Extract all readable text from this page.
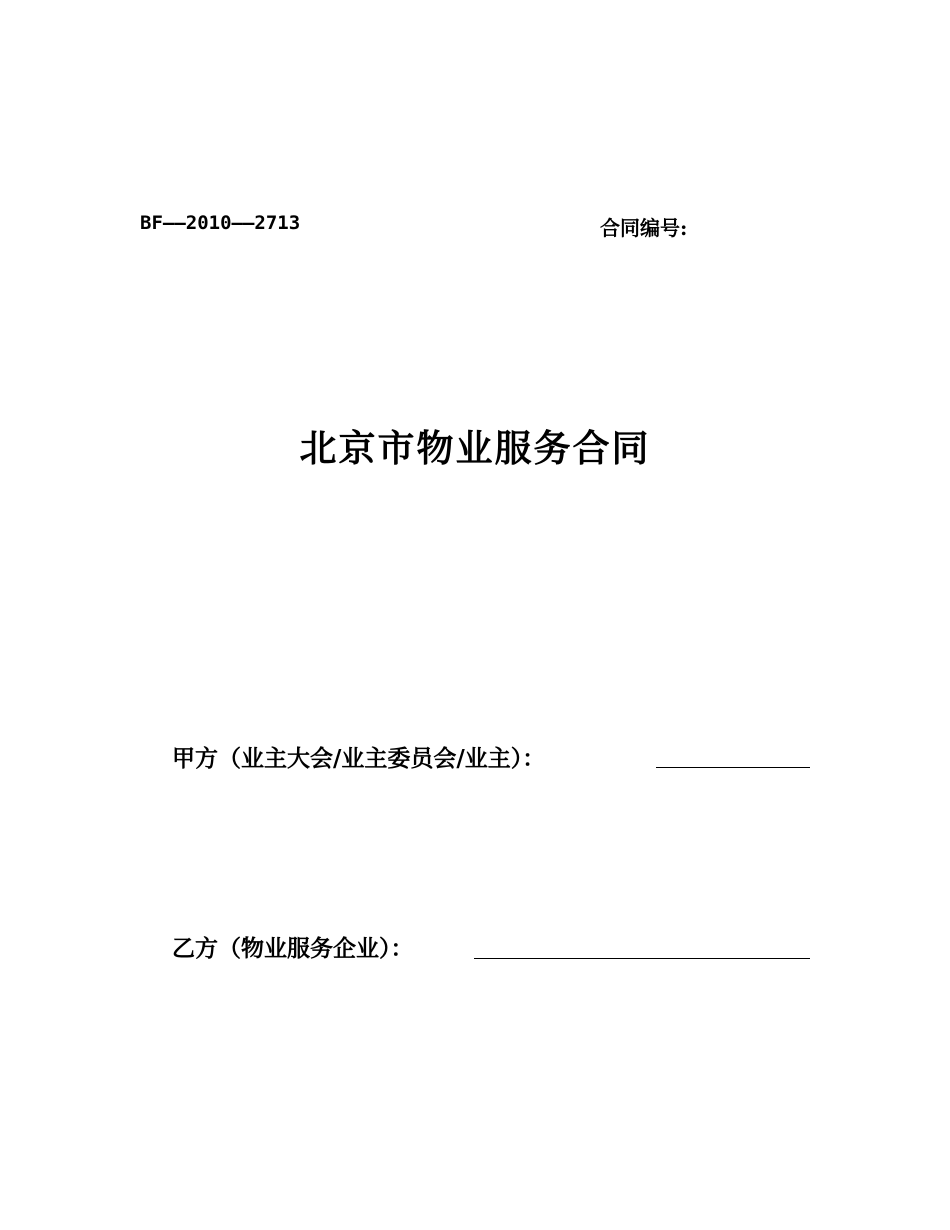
BF——2010——2713	合同编号:
北京市物业服务合同
甲方（业主大会/业主委员会/业主）：
乙方（物业服务企业）：
